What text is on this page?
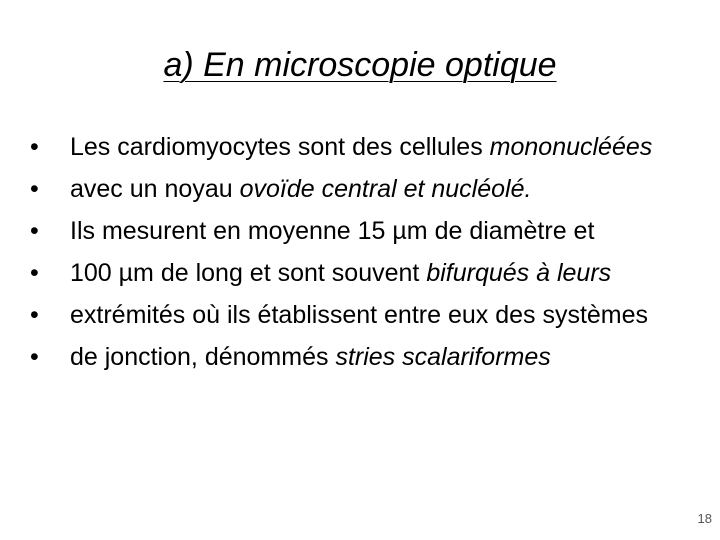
a) En microscopie optique
•
Les cardiomyocytes sont des cellules mononucléées
•
avec un noyau ovoïde central et nucléolé.
•
Ils mesurent en moyenne 15 µm de diamètre et
•
100 µm de long et sont souvent bifurqués à leurs
•
extrémités où ils établissent entre eux des systèmes
•
de jonction, dénommés stries scalariformes
18
